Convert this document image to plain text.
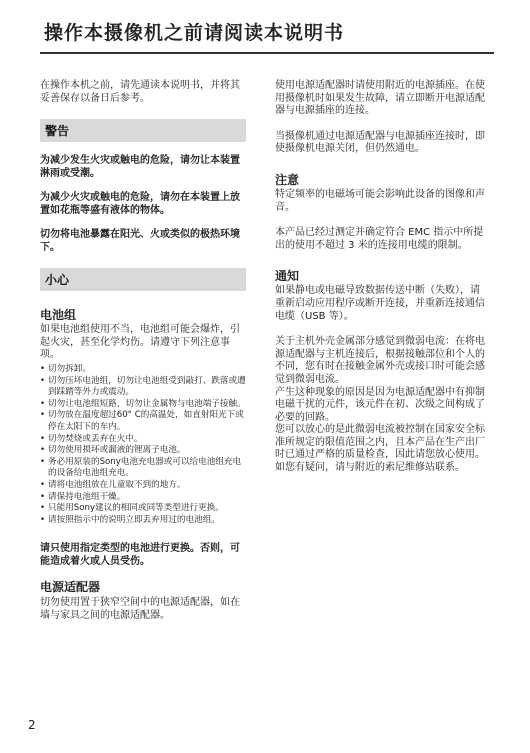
操作本摄像机之前请阅读本说明书

在操作本机之前，请先通读本说明书，并将其妥善保存以备日后参考。

警告

为减少发生火灾或触电的危险，请勿让本装置淋雨或受潮。

为减少火灾或触电的危险，请勿在本装置上放置如花瓶等盛有液体的物体。

切勿将电池暴露在阳光、火或类似的极热环境下。

小心

电池组

如果电池组使用不当，电池组可能会爆炸，引起火灾，甚至化学灼伤。请遵守下列注意事项。

• 切勿拆卸。
• 切勿压坏电池组，切勿让电池组受到敲打、跌落或遭到踩踏等外力或震动。
• 切勿让电池组短路，切勿让金属物与电池端子接触。
• 切勿放在温度超过60° C的高温处，如直射阳光下或停在太阳下的车内。
• 切勿焚烧或丢弃在火中。
• 切勿使用损坏或漏液的锂离子电池。
• 务必用原装的Sony电池充电器或可以给电池组充电的设备给电池组充电。
• 请将电池组放在儿童取不到的地方。
• 请保持电池组干燥。
• 只能用Sony建议的相同或同等类型进行更换。
• 请按照指示中的说明立即丢弃用过的电池组。

请只使用指定类型的电池进行更换。否则，可能造成着火或人员受伤。

电源适配器

切勿使用置于狭窄空间中的电源适配器，如在墙与家具之间的电源适配器。

使用电源适配器时请使用附近的电源插座。在使用摄像机时如果发生故障，请立即断开电源适配器与电源插座的连接。

当摄像机通过电源适配器与电源插座连接时，即使摄像机电源关闭，但仍然通电。

注意

特定频率的电磁场可能会影响此设备的图像和声音。

本产品已经过测定并确定符合 EMC 指示中所提出的使用不超过 3 米的连接用电缆的限制。

通知

如果静电或电磁导致数据传送中断（失败），请重新启动应用程序或断开连接，并重新连接通信电缆（USB 等）。

关于主机外壳金属部分感觉到微弱电流：在将电源适配器与主机连接后，根据接触部位和个人的不同，您有时在接触金属外壳或接口时可能会感觉到微弱电流。

产生这种现象的原因是因为电源适配器中有抑制电磁干扰的元件，该元件在初、次级之间构成了必要的回路。

您可以放心的是此微弱电流被控制在国家安全标准所规定的限值范围之内，且本产品在生产出厂时已通过严格的质量检查，因此请您放心使用。

如您有疑问，请与附近的索尼维修站联系。

2
